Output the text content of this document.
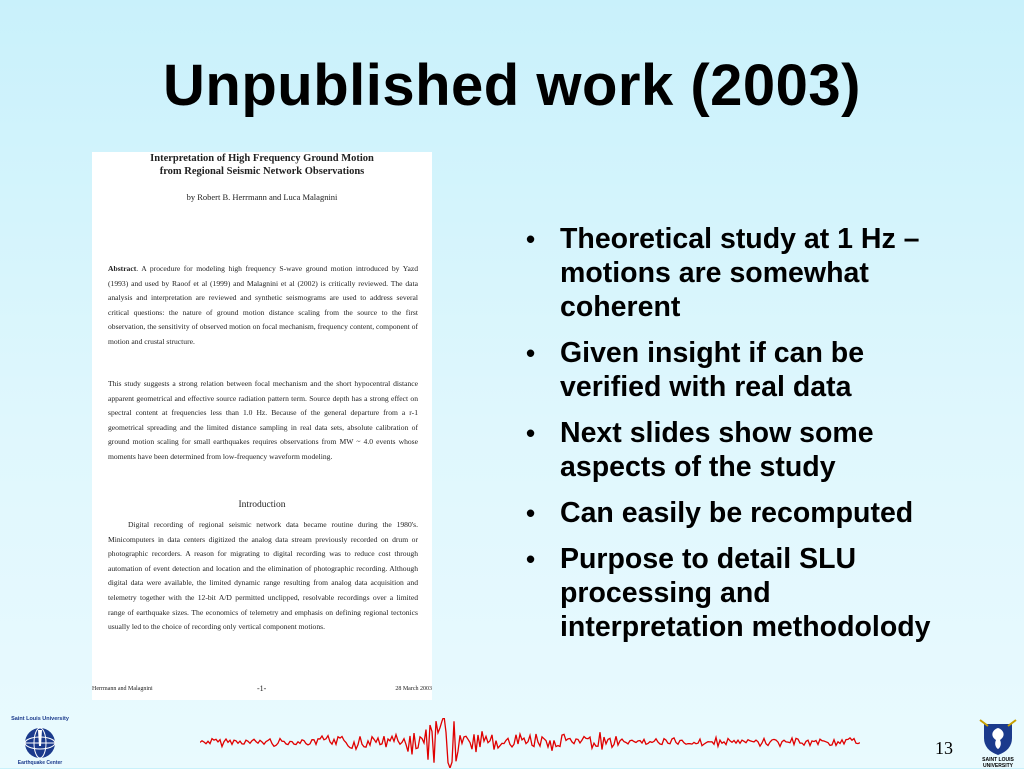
Unpublished work (2003)
Interpretation of High Frequency Ground Motion
from Regional Seismic Network Observations
by Robert B. Herrmann and Luca Malagnini
Abstract. A procedure for modeling high frequency S-wave ground motion introduced by Yazd (1993) and used by Raoof et al (1999) and Malagnini et al (2002) is critically reviewed. The data analysis and interpretation are reviewed and synthetic seismograms are used to address several critical questions: the nature of ground motion distance scaling from the source to the first observation, the sensitivity of observed motion on focal mechanism, frequency content, component of motion and crustal structure.
This study suggests a strong relation between focal mechanism and the short hypocentral distance apparent geometrical and effective source radiation pattern term. Source depth has a strong effect on spectral content at frequencies less than 1.0 Hz. Because of the general departure from a r-1 geometrical spreading and the limited distance sampling in real data sets, absolute calibration of ground motion scaling for small earthquakes requires observations from MW ~ 4.0 events whose moments have been determined from low-frequency waveform modeling.
Introduction
Digital recording of regional seismic network data became routine during the 1980's. Minicomputers in data centers digitized the analog data stream previously recorded on drum or photographic recorders. A reason for migrating to digital recording was to reduce cost through automation of event detection and location and the elimination of photographic recording. Although digital data were available, the limited dynamic range resulting from analog data acquisition and telemetry together with the 12-bit A/D permitted unclipped, resolvable recordings over a limited range of earthquake sizes. The economics of telemetry and emphasis on defining regional tectonics usually led to the choice of recording only vertical component motions.
Herrmann and Malagnini	-1-	28 March 2003
• Theoretical study at 1 Hz – motions are somewhat coherent
• Given insight if can be verified with real data
• Next slides show some aspects of the study
• Can easily be recomputed
• Purpose to detail SLU processing and interpretation methodolody
Saint Louis University
Earthquake Center
13
SAINT LOUIS UNIVERSITY
